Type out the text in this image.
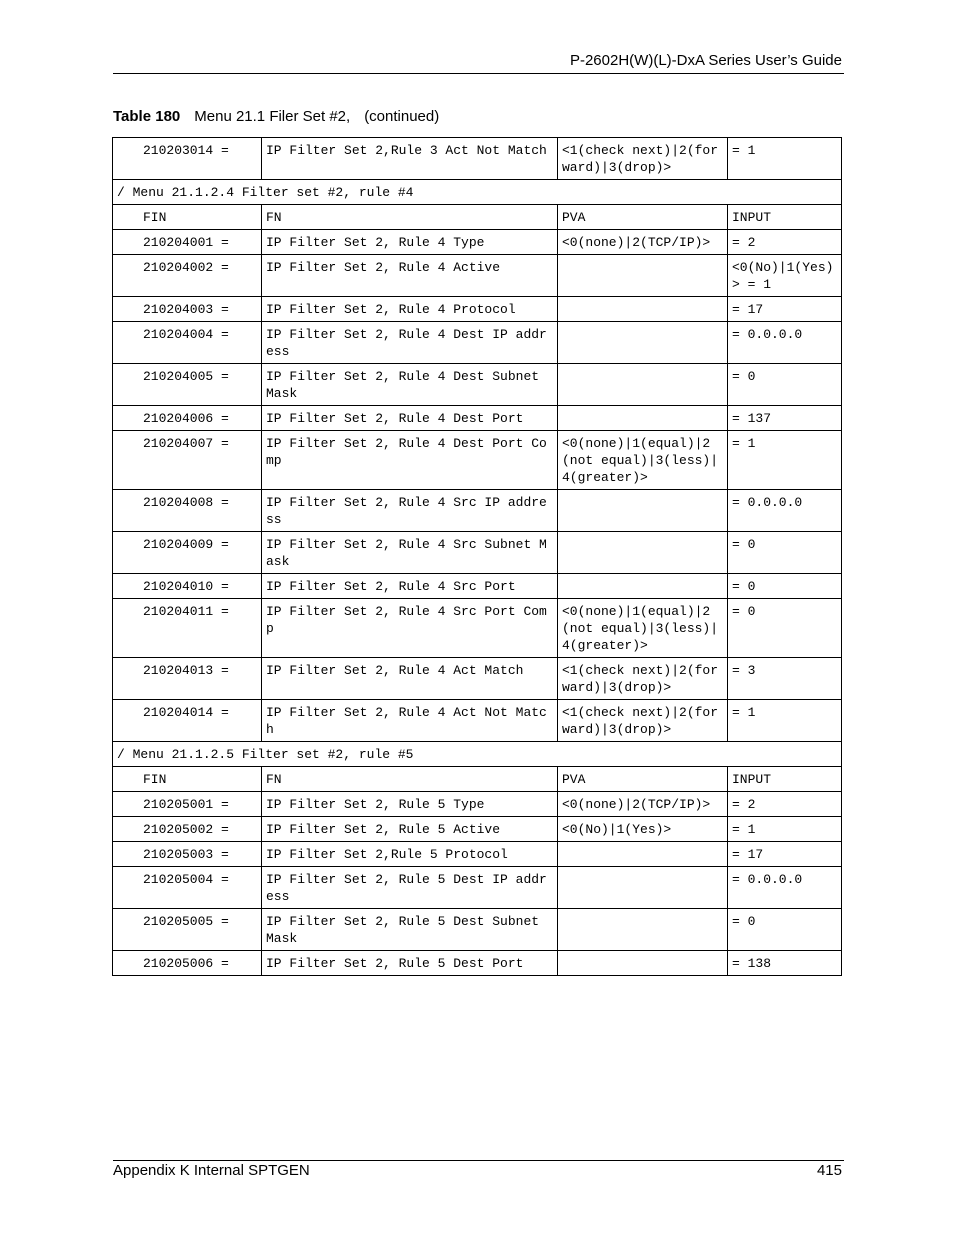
P-2602H(W)(L)-DxA Series User’s Guide
Table 180 Menu 21.1 Filer Set #2, (continued)
210203014 =	IP Filter Set 2,Rule 3 Act Not Match	<1(check next)|2(forward)|3(drop)>	= 1
/ Menu 21.1.2.4 Filter set #2, rule #4			
FIN	FN	PVA	INPUT
210204001 =	IP Filter Set 2, Rule 4 Type	<0(none)|2(TCP/IP)>	= 2
210204002 =	IP Filter Set 2, Rule 4 Active		<0(No)|1(Yes)> = 1
210204003 =	IP Filter Set 2, Rule 4 Protocol		= 17
210204004 =	IP Filter Set 2, Rule 4 Dest IP address		= 0.0.0.0
210204005 =	IP Filter Set 2, Rule 4 Dest Subnet Mask		= 0
210204006 =	IP Filter Set 2, Rule 4 Dest Port		= 137
210204007 =	IP Filter Set 2, Rule 4 Dest Port Comp	<0(none)|1(equal)|2(not equal)|3(less)|4(greater)>	= 1
210204008 =	IP Filter Set 2, Rule 4 Src IP address		= 0.0.0.0
210204009 =	IP Filter Set 2, Rule 4 Src Subnet Mask		= 0
210204010 =	IP Filter Set 2, Rule 4 Src Port		= 0
210204011 =	IP Filter Set 2, Rule 4 Src Port Comp	<0(none)|1(equal)|2(not equal)|3(less)|4(greater)>	= 0
210204013 =	IP Filter Set 2, Rule 4 Act Match	<1(check next)|2(forward)|3(drop)>	= 3
210204014 =	IP Filter Set 2, Rule 4 Act Not Match	<1(check next)|2(forward)|3(drop)>	= 1
/ Menu 21.1.2.5 Filter set #2, rule #5			
FIN	FN	PVA	INPUT
210205001 =	IP Filter Set 2, Rule 5 Type	<0(none)|2(TCP/IP)>	= 2
210205002 =	IP Filter Set 2, Rule 5 Active	<0(No)|1(Yes)>	= 1
210205003 =	IP Filter Set 2,Rule 5 Protocol		= 17
210205004 =	IP Filter Set 2, Rule 5 Dest IP address		= 0.0.0.0
210205005 =	IP Filter Set 2, Rule 5 Dest Subnet Mask		= 0
210205006 =	IP Filter Set 2, Rule 5 Dest Port		= 138
Appendix K Internal SPTGEN	415
